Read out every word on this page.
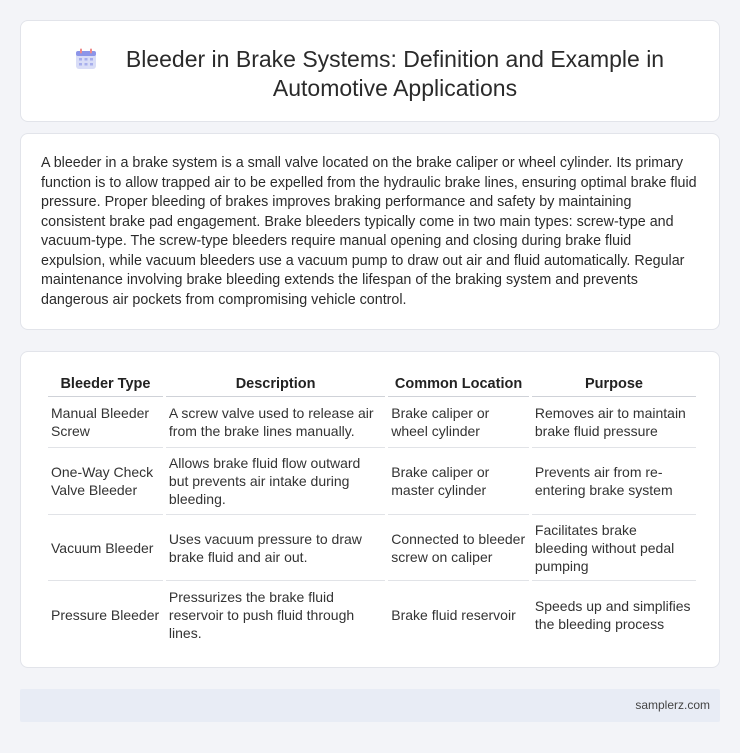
Bleeder in Brake Systems: Definition and Example in Automotive Applications

A bleeder in a brake system is a small valve located on the brake caliper or wheel cylinder. Its primary function is to allow trapped air to be expelled from the hydraulic brake lines, ensuring optimal brake fluid pressure. Proper bleeding of brakes improves braking performance and safety by maintaining consistent brake pad engagement. Brake bleeders typically come in two main types: screw-type and vacuum-type. The screw-type bleeders require manual opening and closing during brake fluid expulsion, while vacuum bleeders use a vacuum pump to draw out air and fluid automatically. Regular maintenance involving brake bleeding extends the lifespan of the braking system and prevents dangerous air pockets from compromising vehicle control.

Bleeder Type	Description	Common Location	Purpose
Manual Bleeder Screw	A screw valve used to release air from the brake lines manually.	Brake caliper or wheel cylinder	Removes air to maintain brake fluid pressure
One-Way Check Valve Bleeder	Allows brake fluid flow outward but prevents air intake during bleeding.	Brake caliper or master cylinder	Prevents air from re-entering brake system
Vacuum Bleeder	Uses vacuum pressure to draw brake fluid and air out.	Connected to bleeder screw on caliper	Facilitates brake bleeding without pedal pumping
Pressure Bleeder	Pressurizes the brake fluid reservoir to push fluid through lines.	Brake fluid reservoir	Speeds up and simplifies the bleeding process
samplerz.com
